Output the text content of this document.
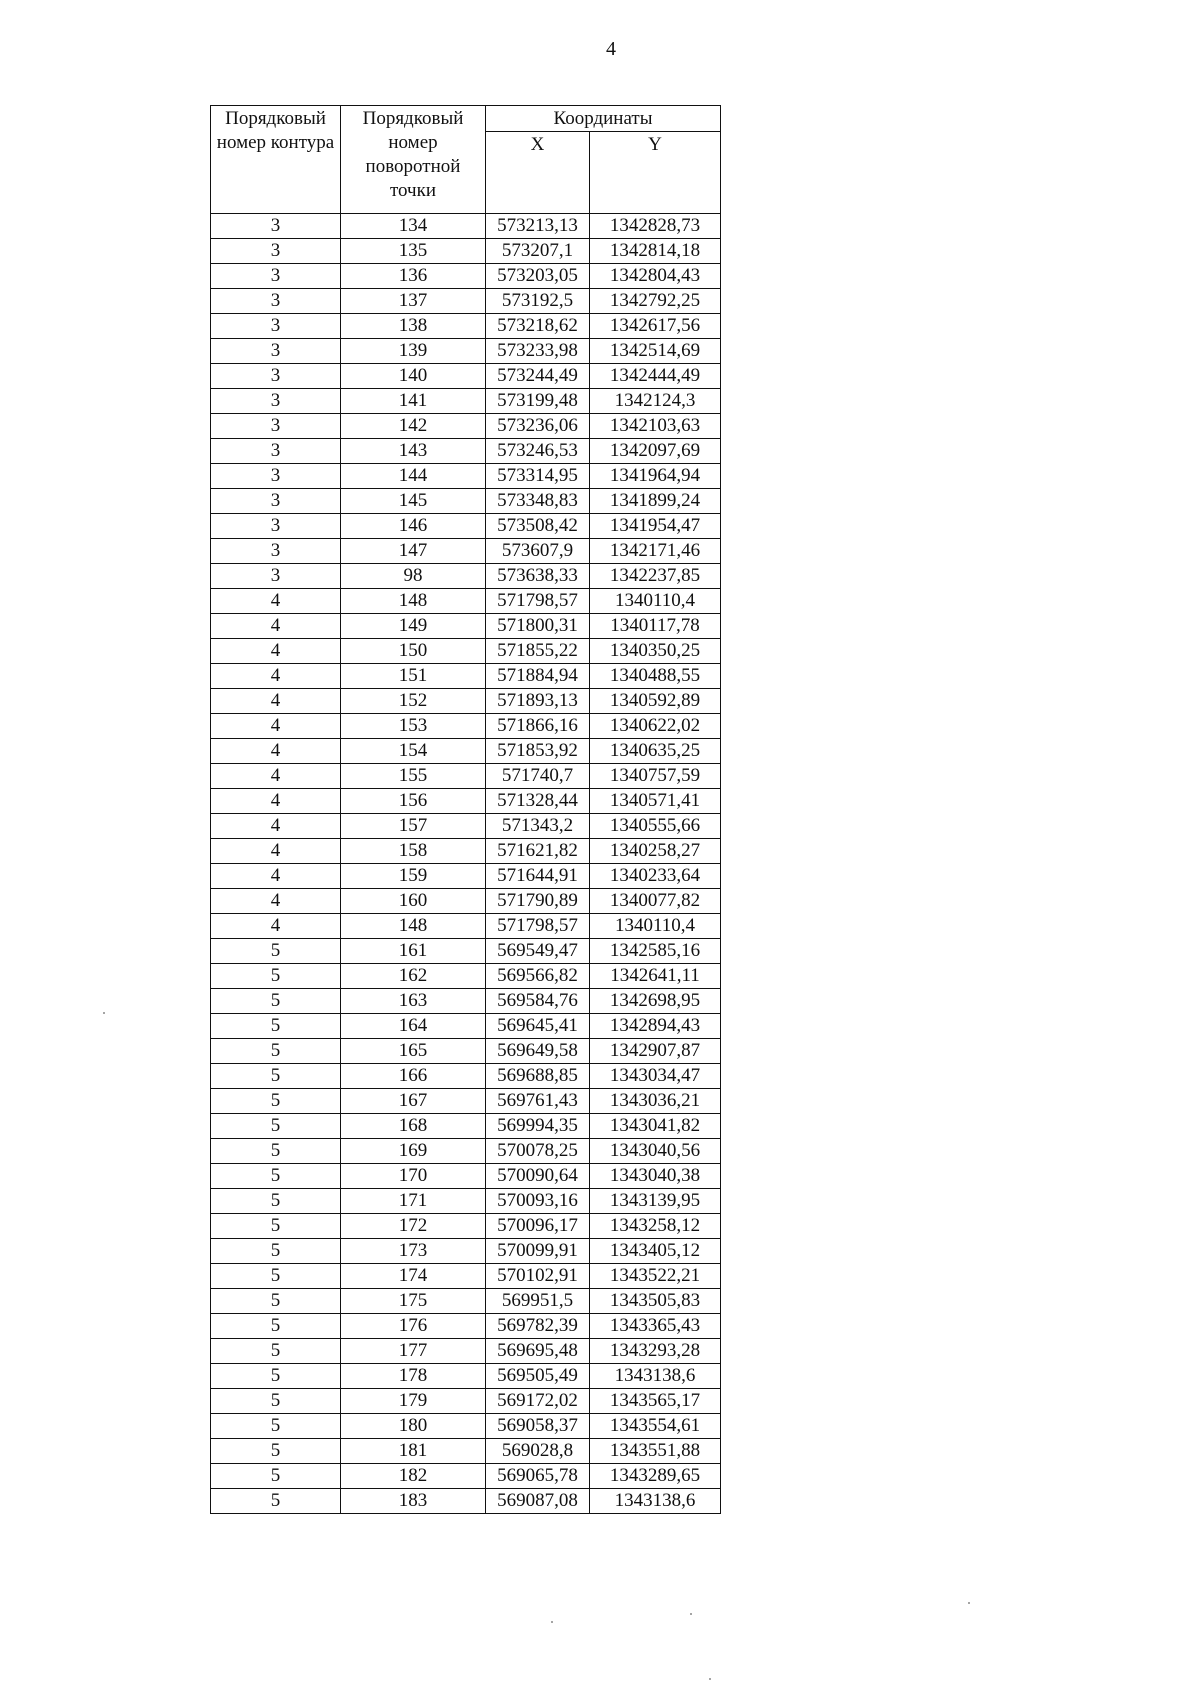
4
Порядковый номер контура	Порядковый номер поворотной точки	Координаты	
		X	Y
3	134	573213,13	1342828,73
3	135	573207,1	1342814,18
3	136	573203,05	1342804,43
3	137	573192,5	1342792,25
3	138	573218,62	1342617,56
3	139	573233,98	1342514,69
3	140	573244,49	1342444,49
3	141	573199,48	1342124,3
3	142	573236,06	1342103,63
3	143	573246,53	1342097,69
3	144	573314,95	1341964,94
3	145	573348,83	1341899,24
3	146	573508,42	1341954,47
3	147	573607,9	1342171,46
3	98	573638,33	1342237,85
4	148	571798,57	1340110,4
4	149	571800,31	1340117,78
4	150	571855,22	1340350,25
4	151	571884,94	1340488,55
4	152	571893,13	1340592,89
4	153	571866,16	1340622,02
4	154	571853,92	1340635,25
4	155	571740,7	1340757,59
4	156	571328,44	1340571,41
4	157	571343,2	1340555,66
4	158	571621,82	1340258,27
4	159	571644,91	1340233,64
4	160	571790,89	1340077,82
4	148	571798,57	1340110,4
5	161	569549,47	1342585,16
5	162	569566,82	1342641,11
5	163	569584,76	1342698,95
5	164	569645,41	1342894,43
5	165	569649,58	1342907,87
5	166	569688,85	1343034,47
5	167	569761,43	1343036,21
5	168	569994,35	1343041,82
5	169	570078,25	1343040,56
5	170	570090,64	1343040,38
5	171	570093,16	1343139,95
5	172	570096,17	1343258,12
5	173	570099,91	1343405,12
5	174	570102,91	1343522,21
5	175	569951,5	1343505,83
5	176	569782,39	1343365,43
5	177	569695,48	1343293,28
5	178	569505,49	1343138,6
5	179	569172,02	1343565,17
5	180	569058,37	1343554,61
5	181	569028,8	1343551,88
5	182	569065,78	1343289,65
5	183	569087,08	1343138,6
